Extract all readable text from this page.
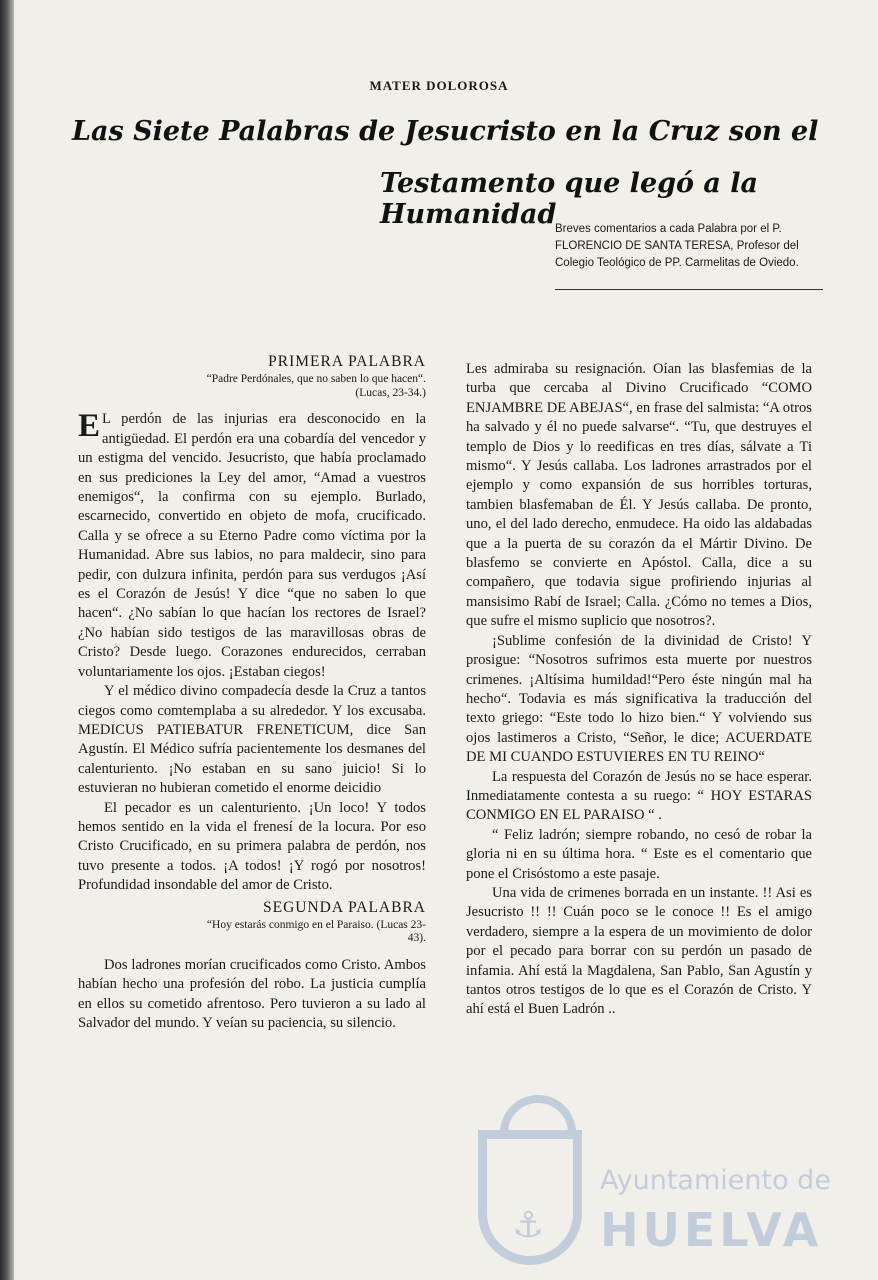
MATER DOLOROSA
Las Siete Palabras de Jesucristo en la Cruz son el
Testamento que legó a la Humanidad
Breves comentarios a cada Palabra por el P. FLORENCIO DE SANTA TERESA, Profesor del Colegio Teológico de PP. Carmelitas de Oviedo.
PRIMERA PALABRA
“Padre Perdónales, que no saben lo que hacen“. (Lucas, 23-34.)

E L perdón de las injurias era desconocido en la antigüedad. El perdón era una cobardía del vencedor y un estigma del vencido. Jesucristo, que había proclamado en sus prediciones la Ley del amor, “Amad a vuestros enemigos“, la confirma con su ejemplo. Burlado, escarnecido, convertido en objeto de mofa, crucificado. Calla y se ofrece a su Eterno Padre como víctima por la Humanidad. Abre sus labios, no para maldecir, sino para pedir, con dulzura infinita, perdón para sus verdugos ¡Así es el Corazón de Jesús! Y dice “que no saben lo que hacen“. ¿No sabían lo que hacían los rectores de Israel? ¿No habían sido testigos de las maravillosas obras de Cristo? Desde luego. Corazones endurecidos, cerraban voluntariamente los ojos. ¡Estaban ciegos!

Y el médico divino compadecía desde la Cruz a tantos ciegos como comtemplaba a su alrededor. Y los excusaba. MEDICUS PATIEBATUR FRENETICUM, dice San Agustín. El Médico sufría pacientemente los desmanes del calenturiento. ¡No estaban en su sano juicio! Si lo estuvieran no hubieran cometido el enorme deicidio

El pecador es un calenturiento. ¡Un loco! Y todos hemos sentido en la vida el frenesí de la locura. Por eso Cristo Crucificado, en su primera palabra de perdón, nos tuvo presente a todos. ¡A todos! ¡Y rogó por nosotros! Profundidad insondable del amor de Cristo.

SEGUNDA PALABRA
“Hoy estarás conmigo en el Paraiso. (Lucas 23-43).

Dos ladrones morían crucificados como Cristo. Ambos habían hecho una profesión del robo. La justicia cumplía en ellos su cometido afrentoso. Pero tuvieron a su lado al Salvador del mundo. Y veían su paciencia, su silencio.

Les admiraba su resignación. Oían las blasfemias de la turba que cercaba al Divino Crucificado “COMO ENJAMBRE DE ABEJAS“, en frase del salmista: “A otros ha salvado y él no puede salvarse“. “Tu, que destruyes el templo de Dios y lo reedificas en tres días, sálvate a Ti mismo“. Y Jesús callaba. Los ladrones arrastrados por el ejemplo y como expansión de sus horribles torturas, tambien blasfemaban de Él. Y Jesús callaba. De pronto, uno, el del lado derecho, enmudece. Ha oido las aldabadas que a la puerta de su corazón da el Mártir Divino. De blasfemo se convierte en Apóstol. Calla, dice a su compañero, que todavia sigue profiriendo injurias al mansisimo Rabí de Israel; Calla. ¿Cómo no temes a Dios, que sufre el mismo suplicio que nosotros?.

¡Sublime confesión de la divinidad de Cristo! Y prosigue: “Nosotros sufrimos esta muerte por nuestros crimenes. ¡Altísima humildad!“Pero éste ningún mal ha hecho“. Todavia es más significativa la traducción del texto griego: “Este todo lo hizo bien.“ Y volviendo sus ojos lastimeros a Cristo, “Señor, le dice; ACUERDATE DE MI CUANDO ESTUVIERES EN TU REINO“

La respuesta del Corazón de Jesús no se hace esperar. Inmediatamente contesta a su ruego: “ HOY ESTARAS CONMIGO EN EL PARAISO “ .

“ Feliz ladrón; siempre robando, no cesó de robar la gloria ni en su última hora. “ Este es el comentario que pone el Crisóstomo a este pasaje.

Una vida de crimenes borrada en un instante. !! Asi es Jesucristo !! !! Cuán poco se le conoce !! Es el amigo verdadero, siempre a la espera de un movimiento de dolor por el pecado para borrar con su perdón un pasado de infamia. Ahí está la Magdalena, San Pablo, San Agustín y tantos otros testigos de lo que es el Corazón de Cristo. Y ahí está el Buen Ladrón ..

⚓
Ayuntamiento de
HUELVA
